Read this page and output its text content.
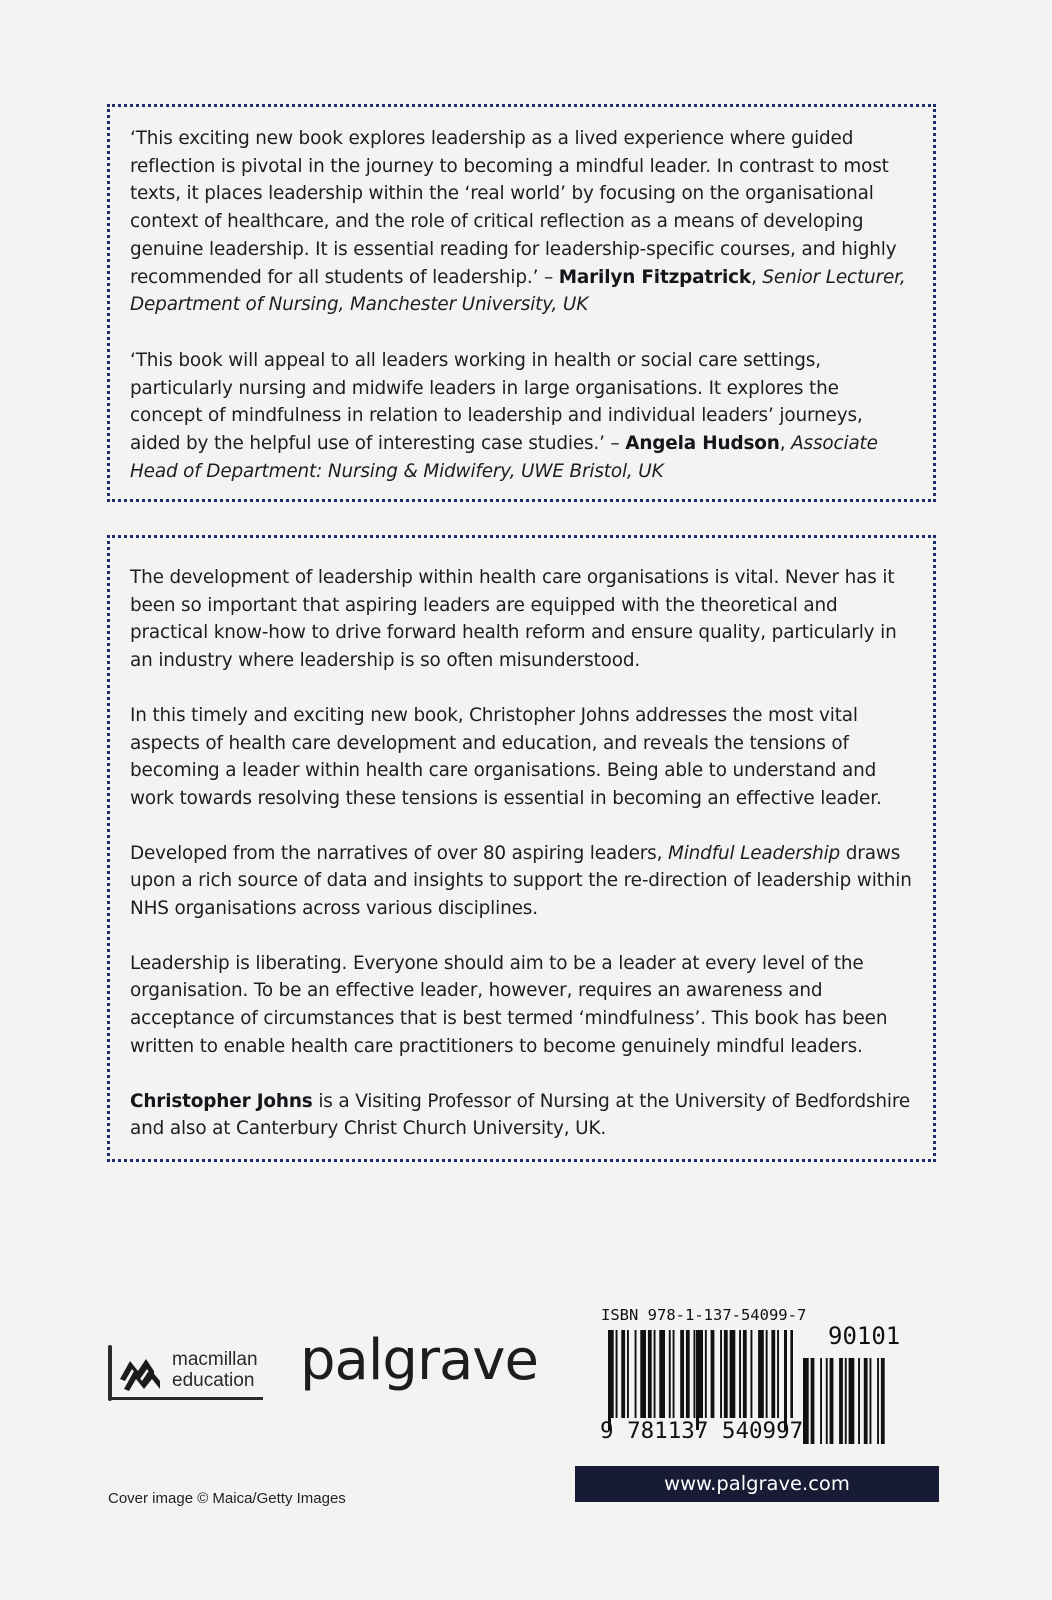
‘This exciting new book explores leadership as a lived experience where guided reflection is pivotal in the journey to becoming a mindful leader. In contrast to most texts, it places leadership within the ‘real world’ by focusing on the organisational context of healthcare, and the role of critical reflection as a means of developing genuine leadership. It is essential reading for leadership-specific courses, and highly recommended for all students of leadership.’ – Marilyn Fitzpatrick, Senior Lecturer, Department of Nursing, Manchester University, UK

‘This book will appeal to all leaders working in health or social care settings, particularly nursing and midwife leaders in large organisations. It explores the concept of mindfulness in relation to leadership and individual leaders’ journeys, aided by the helpful use of interesting case studies.’ – Angela Hudson, Associate Head of Department: Nursing & Midwifery, UWE Bristol, UK

The development of leadership within health care organisations is vital. Never has it been so important that aspiring leaders are equipped with the theoretical and practical know-how to drive forward health reform and ensure quality, particularly in an industry where leadership is so often misunderstood.

In this timely and exciting new book, Christopher Johns addresses the most vital aspects of health care development and education, and reveals the tensions of becoming a leader within health care organisations. Being able to understand and work towards resolving these tensions is essential in becoming an effective leader.

Developed from the narratives of over 80 aspiring leaders, Mindful Leadership draws upon a rich source of data and insights to support the re-direction of leadership within NHS organisations across various disciplines.

Leadership is liberating. Everyone should aim to be a leader at every level of the organisation. To be an effective leader, however, requires an awareness and acceptance of circumstances that is best termed ‘mindfulness’. This book has been written to enable health care practitioners to become genuinely mindful leaders.

Christopher Johns is a Visiting Professor of Nursing at the University of Bedfordshire and also at Canterbury Christ Church University, UK.

macmillan
education palgrave
ISBN 978-1-137-54099-7
90101
9 781137 540997
www.palgrave.com
Cover image © Maica/Getty Images
